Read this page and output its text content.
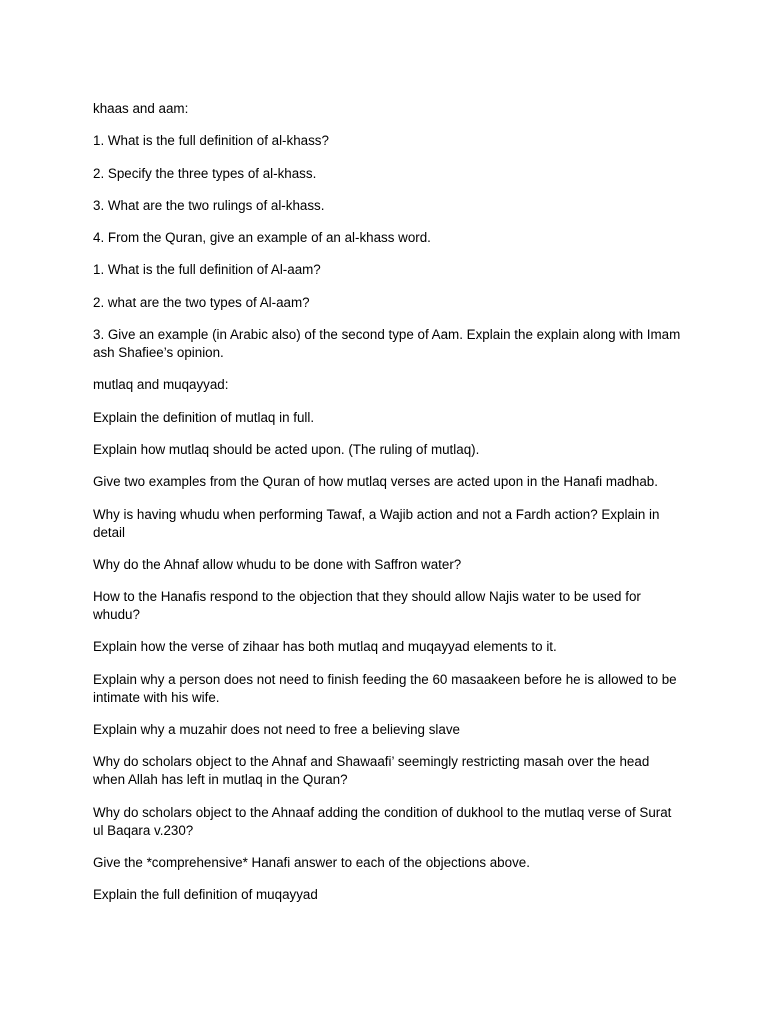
khaas and aam:

1. What is the full definition of al-khass?

2. Specify the three types of al-khass.

3. What are the two rulings of al-khass.

4. From the Quran, give an example of an al-khass word.

1. What is the full definition of Al-aam?

2. what are the two types of Al-aam?

3. Give an example (in Arabic also) of the second type of Aam. Explain the explain along with Imam ash Shafiee’s opinion.

mutlaq and muqayyad:

Explain the definition of mutlaq in full.

Explain how mutlaq should be acted upon. (The ruling of mutlaq).

Give two examples from the Quran of how mutlaq verses are acted upon in the Hanafi madhab.

Why is having whudu when performing Tawaf, a Wajib action and not a Fardh action? Explain in detail

Why do the Ahnaf allow whudu to be done with Saffron water?

How to the Hanafis respond to the objection that they should allow Najis water to be used for whudu?

Explain how the verse of zihaar has both mutlaq and muqayyad elements to it.

Explain why a person does not need to finish feeding the 60 masaakeen before he is allowed to be intimate with his wife.

Explain why a muzahir does not need to free a believing slave

Why do scholars object to the Ahnaf and Shawaafi’ seemingly restricting masah over the head when Allah has left in mutlaq in the Quran?

Why do scholars object to the Ahnaaf adding the condition of dukhool to the mutlaq verse of Surat ul Baqara v.230?

Give the *comprehensive* Hanafi answer to each of the objections above.

Explain the full definition of muqayyad
